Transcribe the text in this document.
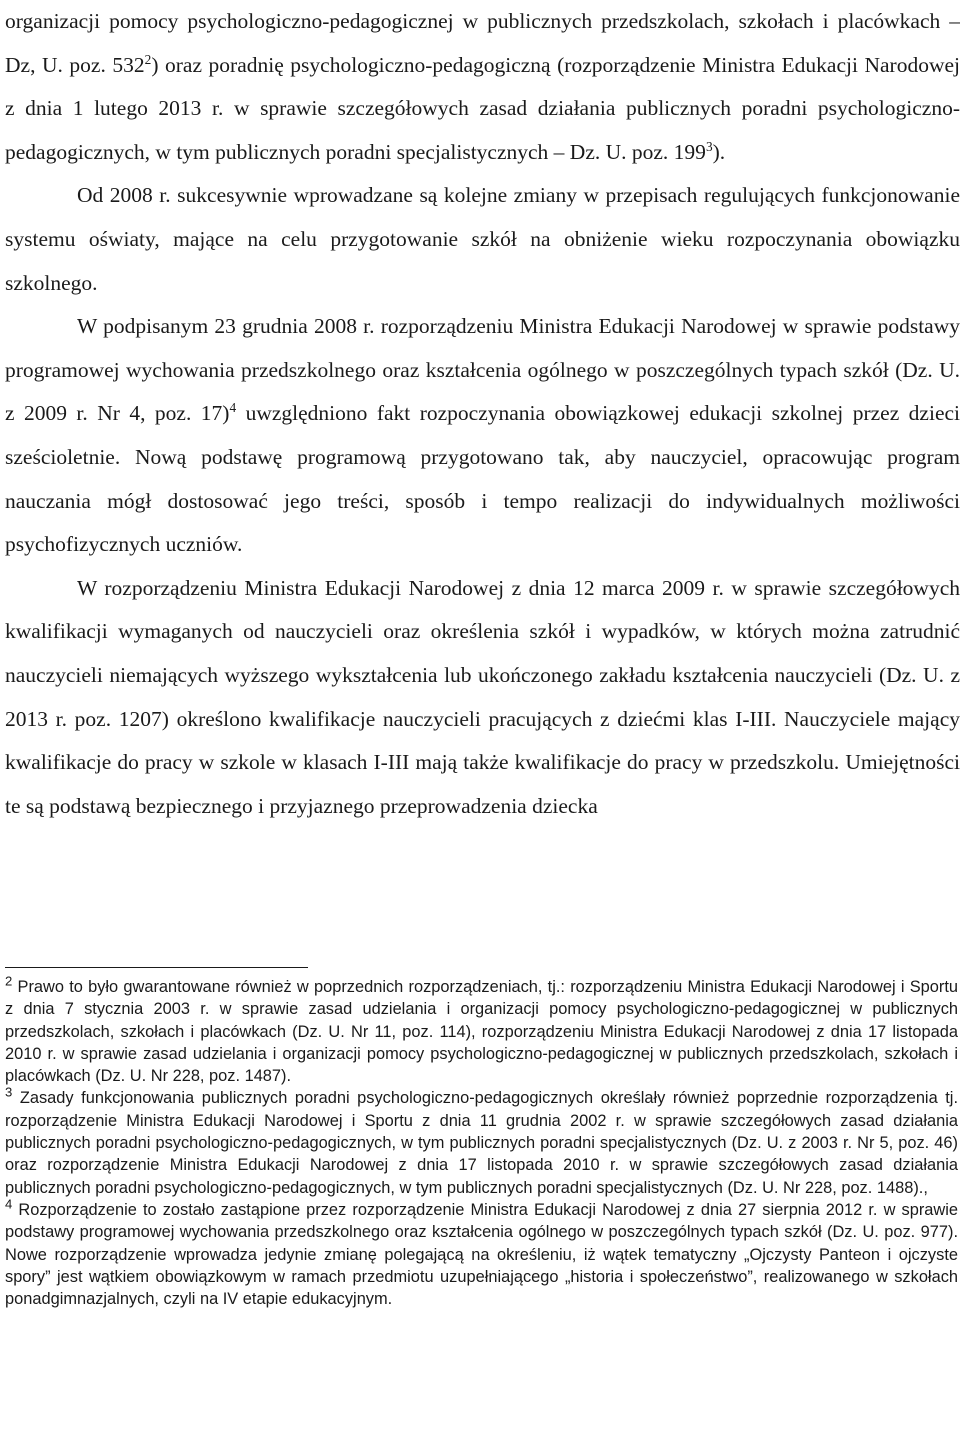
organizacji pomocy psychologiczno-pedagogicznej w publicznych przedszkolach, szkołach i placówkach – Dz, U. poz. $532^2$) oraz poradnię psychologiczno-pedagogiczną (rozporządzenie Ministra Edukacji Narodowej z dnia 1 lutego 2013 r. w sprawie szczegółowych zasad działania publicznych poradni psychologiczno-pedagogicznych, w tym publicznych poradni specjalistycznych – Dz. U. poz. $199^3$).

Od 2008 r. sukcesywnie wprowadzane są kolejne zmiany w przepisach regulujących funkcjonowanie systemu oświaty, mające na celu przygotowanie szkół na obniżenie wieku rozpoczynania obowiązku szkolnego.

W podpisanym 23 grudnia 2008 r. rozporządzeniu Ministra Edukacji Narodowej w sprawie podstawy programowej wychowania przedszkolnego oraz kształcenia ogólnego w poszczególnych typach szkół (Dz. U. z 2009 r. Nr 4, poz. 17)$^4$ uwzględniono fakt rozpoczynania obowiązkowej edukacji szkolnej przez dzieci sześcioletnie. Nową podstawę programową przygotowano tak, aby nauczyciel, opracowując program nauczania mógł dostosować jego treści, sposób i tempo realizacji do indywidualnych możliwości psychofizycznych uczniów.

W rozporządzeniu Ministra Edukacji Narodowej z dnia 12 marca 2009 r. w sprawie szczegółowych kwalifikacji wymaganych od nauczycieli oraz określenia szkół i wypadków, w których można zatrudnić nauczycieli niemających wyższego wykształcenia lub ukończonego zakładu kształcenia nauczycieli (Dz. U. z 2013 r. poz. 1207) określono kwalifikacje nauczycieli pracujących z dziećmi klas I-III. Nauczyciele mający kwalifikacje do pracy w szkole w klasach I-III mają także kwalifikacje do pracy w przedszkolu. Umiejętności te są podstawą bezpiecznego i przyjaznego przeprowadzenia dziecka

$^2$ Prawo to było gwarantowane również w poprzednich rozporządzeniach, tj.: rozporządzeniu Ministra Edukacji Narodowej i Sportu z dnia 7 stycznia 2003 r. w sprawie zasad udzielania i organizacji pomocy psychologiczno-pedagogicznej w publicznych przedszkolach, szkołach i placówkach (Dz. U. Nr 11, poz. 114), rozporządzeniu Ministra Edukacji Narodowej z dnia 17 listopada 2010 r. w sprawie zasad udzielania i organizacji pomocy psychologiczno-pedagogicznej w publicznych przedszkolach, szkołach i placówkach (Dz. U. Nr 228, poz. 1487).

$^3$ Zasady funkcjonowania publicznych poradni psychologiczno-pedagogicznych określały również poprzednie rozporządzenia tj. rozporządzenie Ministra Edukacji Narodowej i Sportu z dnia 11 grudnia 2002 r. w sprawie szczegółowych zasad działania publicznych poradni psychologiczno-pedagogicznych, w tym publicznych poradni specjalistycznych (Dz. U. z 2003 r. Nr 5, poz. 46) oraz rozporządzenie Ministra Edukacji Narodowej z dnia 17 listopada 2010 r. w sprawie szczegółowych zasad działania publicznych poradni psychologiczno-pedagogicznych, w tym publicznych poradni specjalistycznych (Dz. U. Nr 228, poz. 1488).,

$^4$ Rozporządzenie to zostało zastąpione przez rozporządzenie Ministra Edukacji Narodowej z dnia 27 sierpnia 2012 r. w sprawie podstawy programowej wychowania przedszkolnego oraz kształcenia ogólnego w poszczególnych typach szkół (Dz. U. poz. 977). Nowe rozporządzenie wprowadza jedynie zmianę polegającą na określeniu, iż wątek tematyczny „Ojczysty Panteon i ojczyste spory” jest wątkiem obowiązkowym w ramach przedmiotu uzupełniającego „historia i społeczeństwo”, realizowanego w szkołach ponadgimnazjalnych, czyli na IV etapie edukacyjnym.
